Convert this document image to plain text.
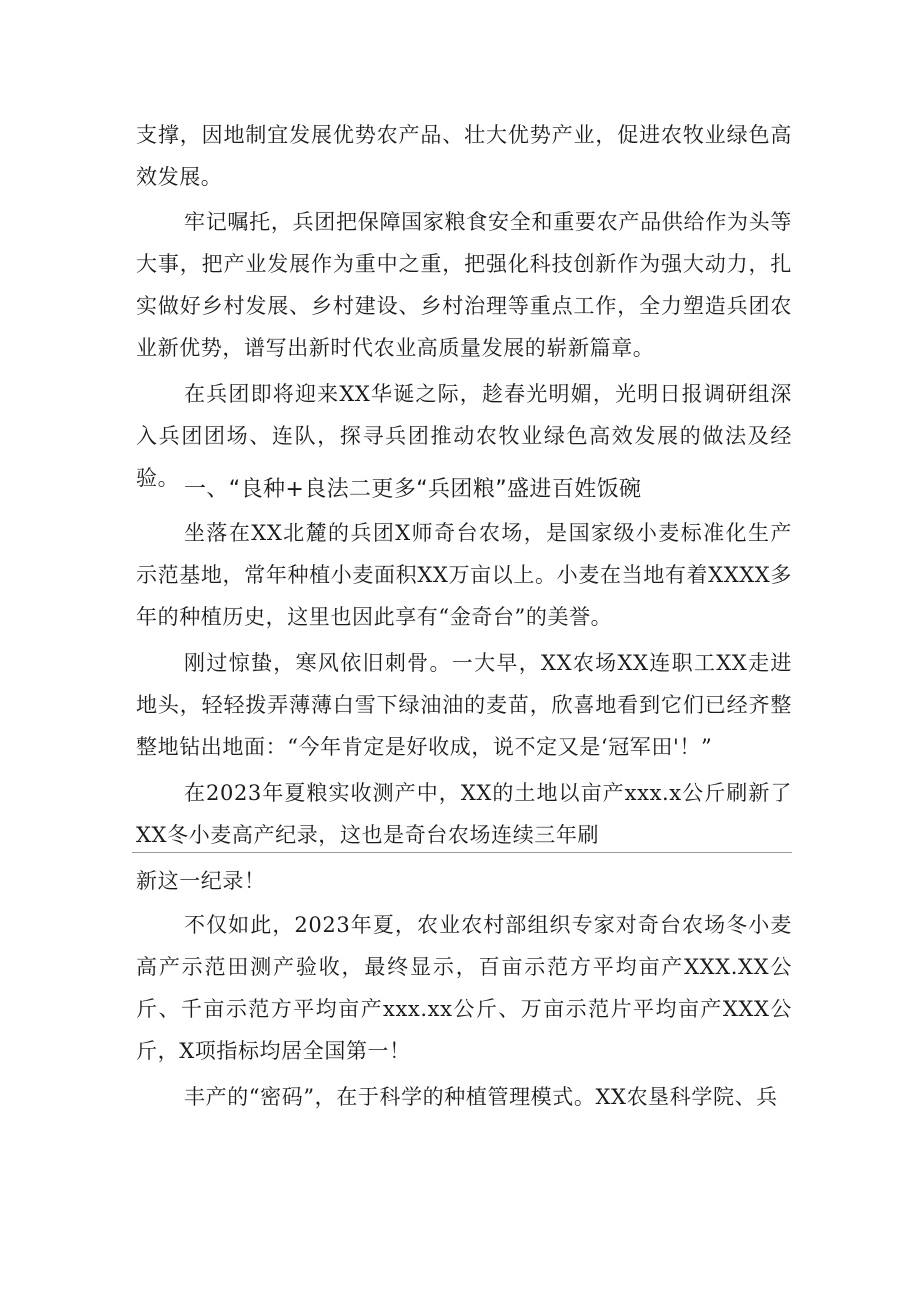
支撑，因地制宜发展优势农产品、壮大优势产业，促进农牧业绿色高效发展。

牢记嘱托，兵团把保障国家粮食安全和重要农产品供给作为头等大事，把产业发展作为重中之重，把强化科技创新作为强大动力，扎实做好乡村发展、乡村建设、乡村治理等重点工作，全力塑造兵团农业新优势，谱写出新时代农业高质量发展的崭新篇章。

在兵团即将迎来XX华诞之际，趁春光明媚，光明日报调研组深入兵团团场、连队，探寻兵团推动农牧业绿色高效发展的做法及经验。 一、“良种+良法二更多“兵团粮”盛进百姓饭碗

坐落在XX北麓的兵团X师奇台农场，是国家级小麦标准化生产示范基地，常年种植小麦面积XX万亩以上。小麦在当地有着XXXX多年的种植历史，这里也因此享有“金奇台”的美誉。

刚过惊蛰，寒风依旧刺骨。一大早，XX农场XX连职工XX走进地头，轻轻拨弄薄薄白雪下绿油油的麦苗，欣喜地看到它们已经齐整整地钻出地面：“今年肯定是好收成，说不定又是‘冠军田'！”

在2023年夏粮实收测产中，XX的土地以亩产xxx.x公斤刷新了XX冬小麦高产纪录，这也是奇台农场连续三年刷

新这一纪录！

不仅如此，2023年夏，农业农村部组织专家对奇台农场冬小麦高产示范田测产验收，最终显示，百亩示范方平均亩产XXX.XX公斤、千亩示范方平均亩产xxx.xx公斤、万亩示范片平均亩产XXX公斤，X项指标均居全国第一！

丰产的“密码”，在于科学的种植管理模式。XX农垦科学院、兵
